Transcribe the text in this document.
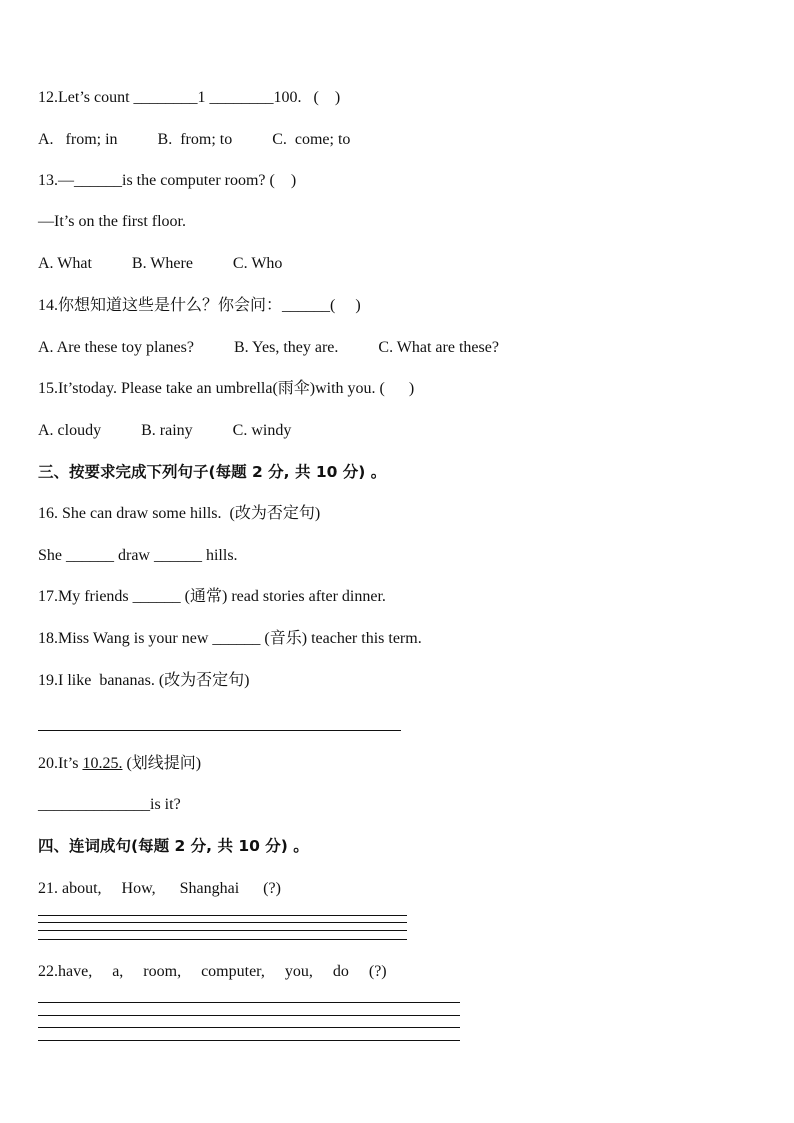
12.Let’s count ________1 ________100.   (    )

A.   from; in          B.  from; to          C.  come; to

13.—______is the computer room? (    )

—It’s on the first floor.

A. What          B. Where          C. Who

14.你想知道这些是什么？你会问：______(     )

A. Are these toy planes?          B. Yes, they are.          C. What are these?

15.It’stoday. Please take an umbrella(雨伞)with you. (      )

A. cloudy          B. rainy          C. windy

三、按要求完成下列句子(每题 2 分, 共 10 分) 。

16. She can draw some hills.  (改为否定句)

She ______ draw ______ hills.

17.My friends ______ (通常) read stories after dinner.

18.Miss Wang is your new ______ (音乐) teacher this term.

19.I like  bananas. (改为否定句)

20.It’s 10.25. (划线提问)

______________is it?

四、连词成句(每题 2 分, 共 10 分) 。

21. about,     How,      Shanghai      (?)

22.have,     a,     room,     computer,     you,     do     (?)
